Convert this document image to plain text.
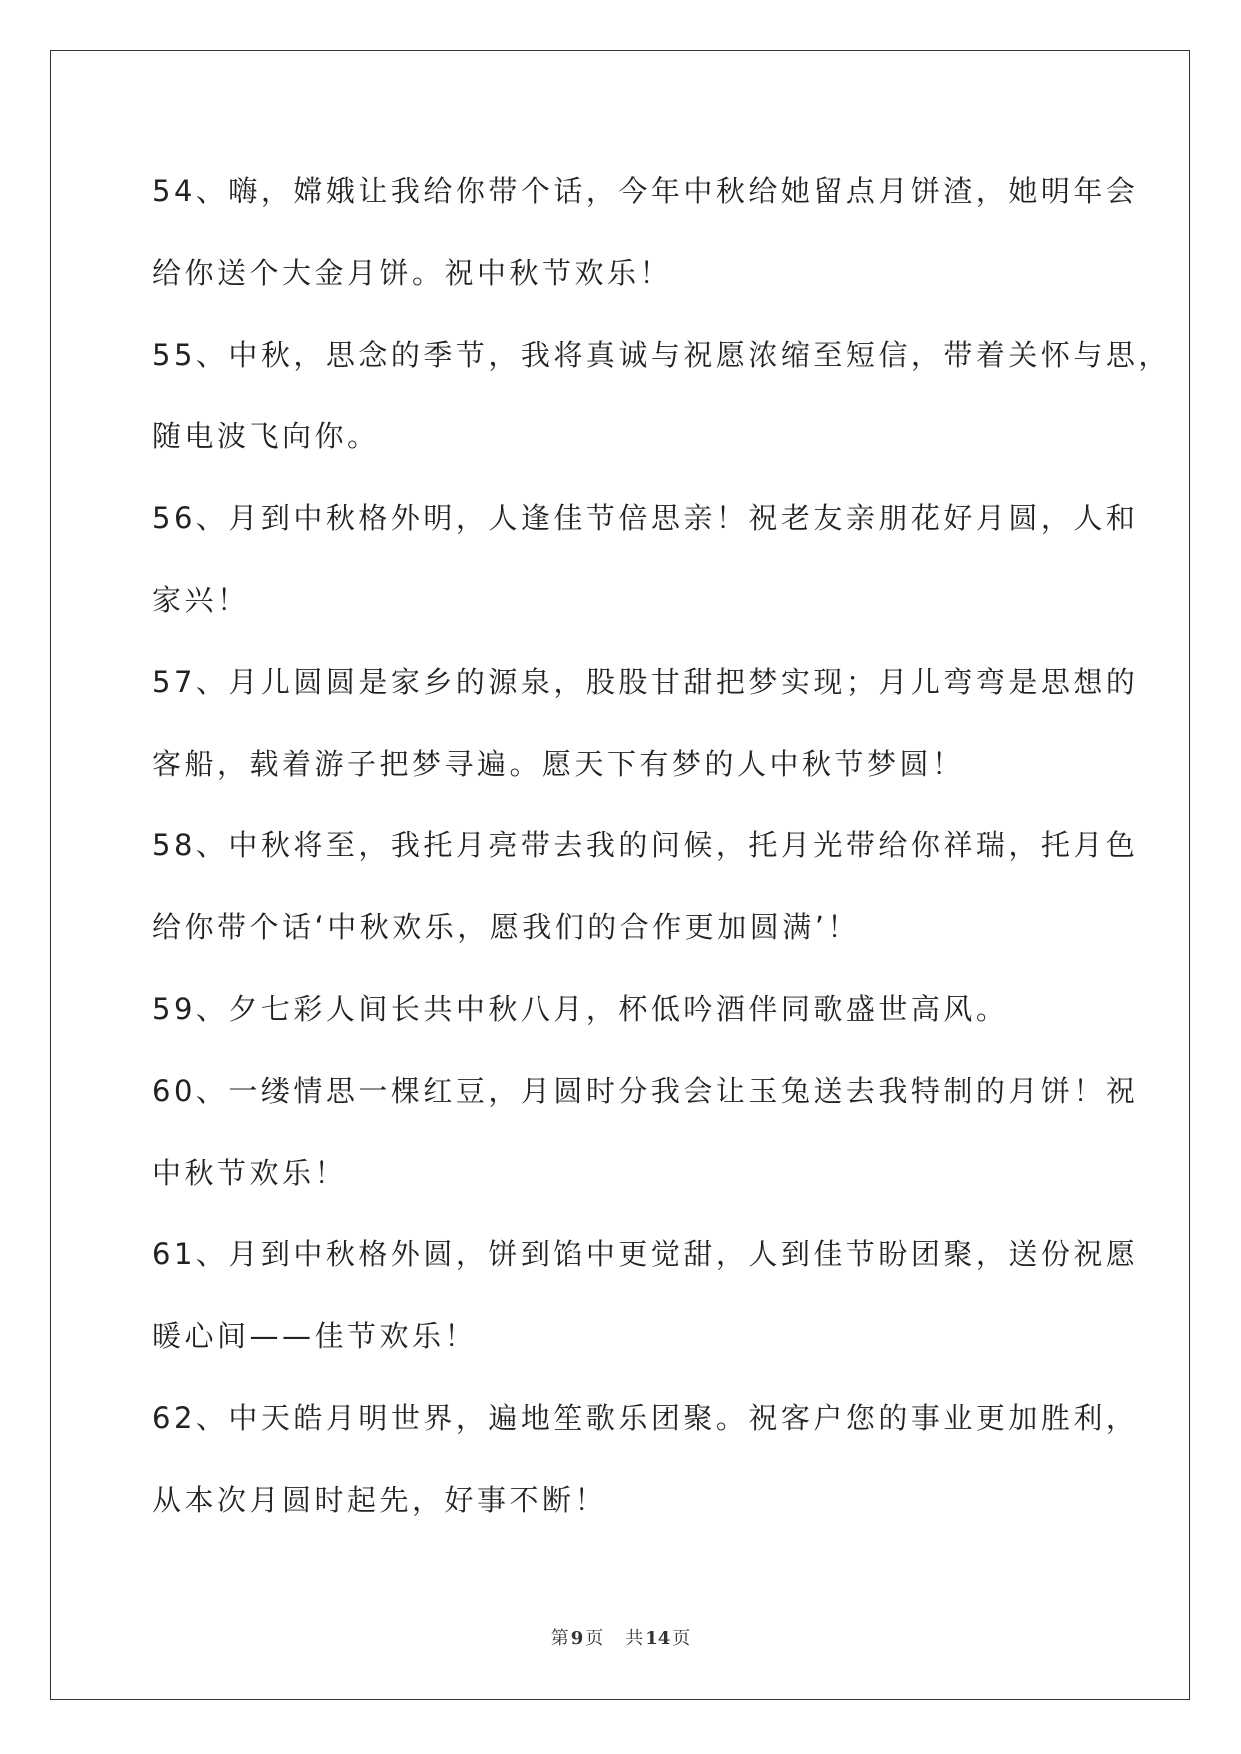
54、嗨，嫦娥让我给你带个话，今年中秋给她留点月饼渣，她明年会
给你送个大金月饼。祝中秋节欢乐！
55、中秋，思念的季节，我将真诚与祝愿浓缩至短信，带着关怀与思，
随电波飞向你。
56、月到中秋格外明，人逢佳节倍思亲！祝老友亲朋花好月圆，人和
家兴！
57、月儿圆圆是家乡的源泉，股股甘甜把梦实现；月儿弯弯是思想的
客船，载着游子把梦寻遍。愿天下有梦的人中秋节梦圆！
58、中秋将至，我托月亮带去我的问候，托月光带给你祥瑞，托月色
给你带个话‘中秋欢乐，愿我们的合作更加圆满’！
59、夕七彩人间长共中秋八月，杯低吟酒伴同歌盛世高风。
60、一缕情思一棵红豆，月圆时分我会让玉兔送去我特制的月饼！祝
中秋节欢乐！
61、月到中秋格外圆，饼到馅中更觉甜，人到佳节盼团聚，送份祝愿
暖心间——佳节欢乐！
62、中天皓月明世界，遍地笙歌乐团聚。祝客户您的事业更加胜利，
从本次月圆时起先，好事不断！
第 9 页 共 14 页
